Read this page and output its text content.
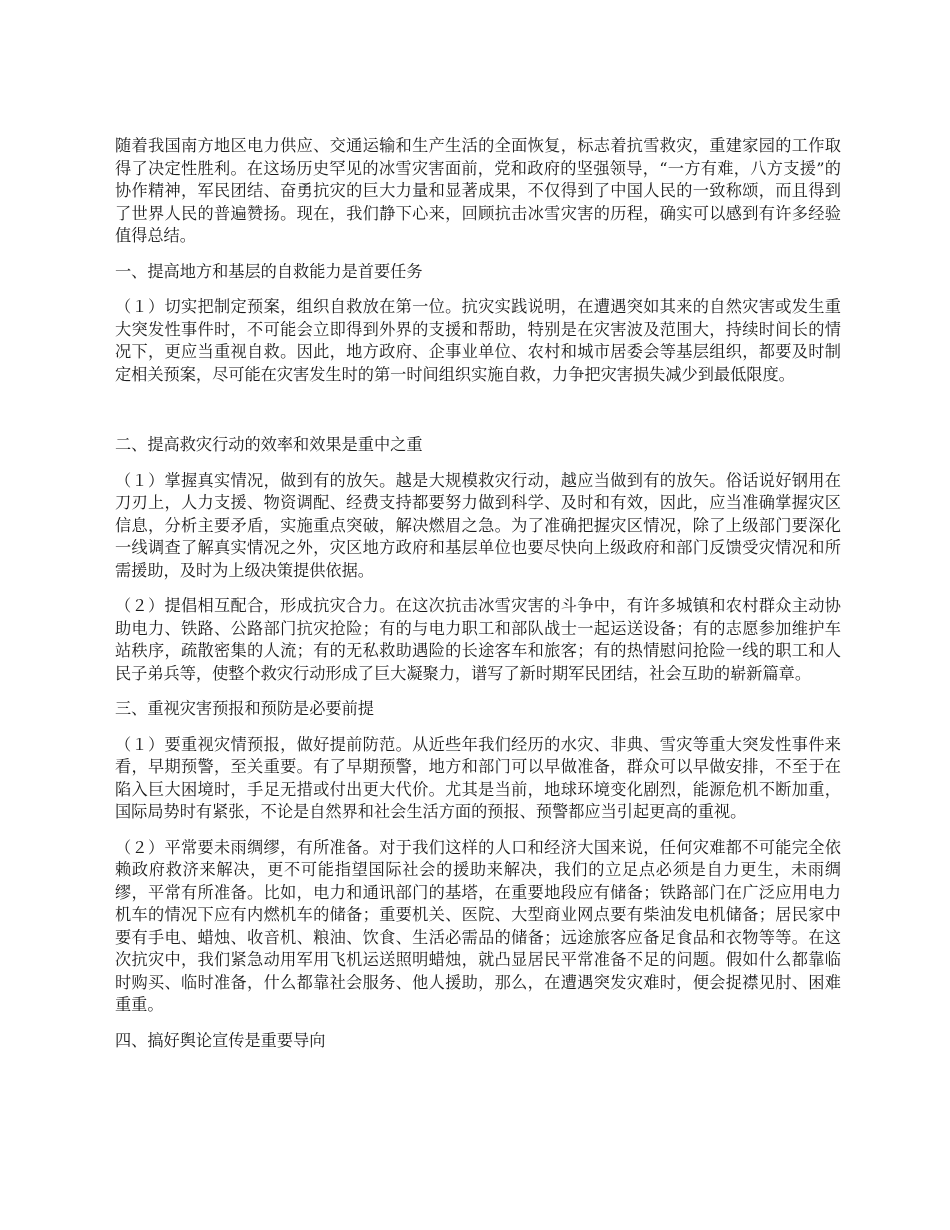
随着我国南方地区电力供应、交通运输和生产生活的全面恢复，标志着抗雪救灾，重建家园的工作取得了决定性胜利。在这场历史罕见的冰雪灾害面前，党和政府的坚强领导，“一方有难，八方支援”的协作精神，军民团结、奋勇抗灾的巨大力量和显著成果，不仅得到了中国人民的一致称颂，而且得到了世界人民的普遍赞扬。现在，我们静下心来，回顾抗击冰雪灾害的历程，确实可以感到有许多经验值得总结。

一、提高地方和基层的自救能力是首要任务

（１）切实把制定预案，组织自救放在第一位。抗灾实践说明，在遭遇突如其来的自然灾害或发生重大突发性事件时，不可能会立即得到外界的支援和帮助，特别是在灾害波及范围大，持续时间长的情况下，更应当重视自救。因此，地方政府、企事业单位、农村和城市居委会等基层组织，都要及时制定相关预案，尽可能在灾害发生时的第一时间组织实施自救，力争把灾害损失减少到最低限度。

二、提高救灾行动的效率和效果是重中之重

（１）掌握真实情况，做到有的放矢。越是大规模救灾行动，越应当做到有的放矢。俗话说好钢用在刀刃上，人力支援、物资调配、经费支持都要努力做到科学、及时和有效，因此，应当准确掌握灾区信息，分析主要矛盾，实施重点突破，解决燃眉之急。为了准确把握灾区情况，除了上级部门要深化一线调查了解真实情况之外，灾区地方政府和基层单位也要尽快向上级政府和部门反馈受灾情况和所需援助，及时为上级决策提供依据。

（２）提倡相互配合，形成抗灾合力。在这次抗击冰雪灾害的斗争中，有许多城镇和农村群众主动协助电力、铁路、公路部门抗灾抢险；有的与电力职工和部队战士一起运送设备；有的志愿参加维护车站秩序，疏散密集的人流；有的无私救助遇险的长途客车和旅客；有的热情慰问抢险一线的职工和人民子弟兵等，使整个救灾行动形成了巨大凝聚力，谱写了新时期军民团结，社会互助的崭新篇章。

三、重视灾害预报和预防是必要前提

（１）要重视灾情预报，做好提前防范。从近些年我们经历的水灾、非典、雪灾等重大突发性事件来看，早期预警，至关重要。有了早期预警，地方和部门可以早做准备，群众可以早做安排，不至于在陷入巨大困境时，手足无措或付出更大代价。尤其是当前，地球环境变化剧烈，能源危机不断加重，国际局势时有紧张，不论是自然界和社会生活方面的预报、预警都应当引起更高的重视。

（２）平常要未雨绸缪，有所准备。对于我们这样的人口和经济大国来说，任何灾难都不可能完全依赖政府救济来解决，更不可能指望国际社会的援助来解决，我们的立足点必须是自力更生，未雨绸缪，平常有所准备。比如，电力和通讯部门的基塔，在重要地段应有储备；铁路部门在广泛应用电力机车的情况下应有内燃机车的储备；重要机关、医院、大型商业网点要有柴油发电机储备；居民家中要有手电、蜡烛、收音机、粮油、饮食、生活必需品的储备；远途旅客应备足食品和衣物等等。在这次抗灾中，我们紧急动用军用飞机运送照明蜡烛，就凸显居民平常准备不足的问题。假如什么都靠临时购买、临时准备，什么都靠社会服务、他人援助，那么，在遭遇突发灾难时，便会捉襟见肘、困难重重。

四、搞好舆论宣传是重要导向
